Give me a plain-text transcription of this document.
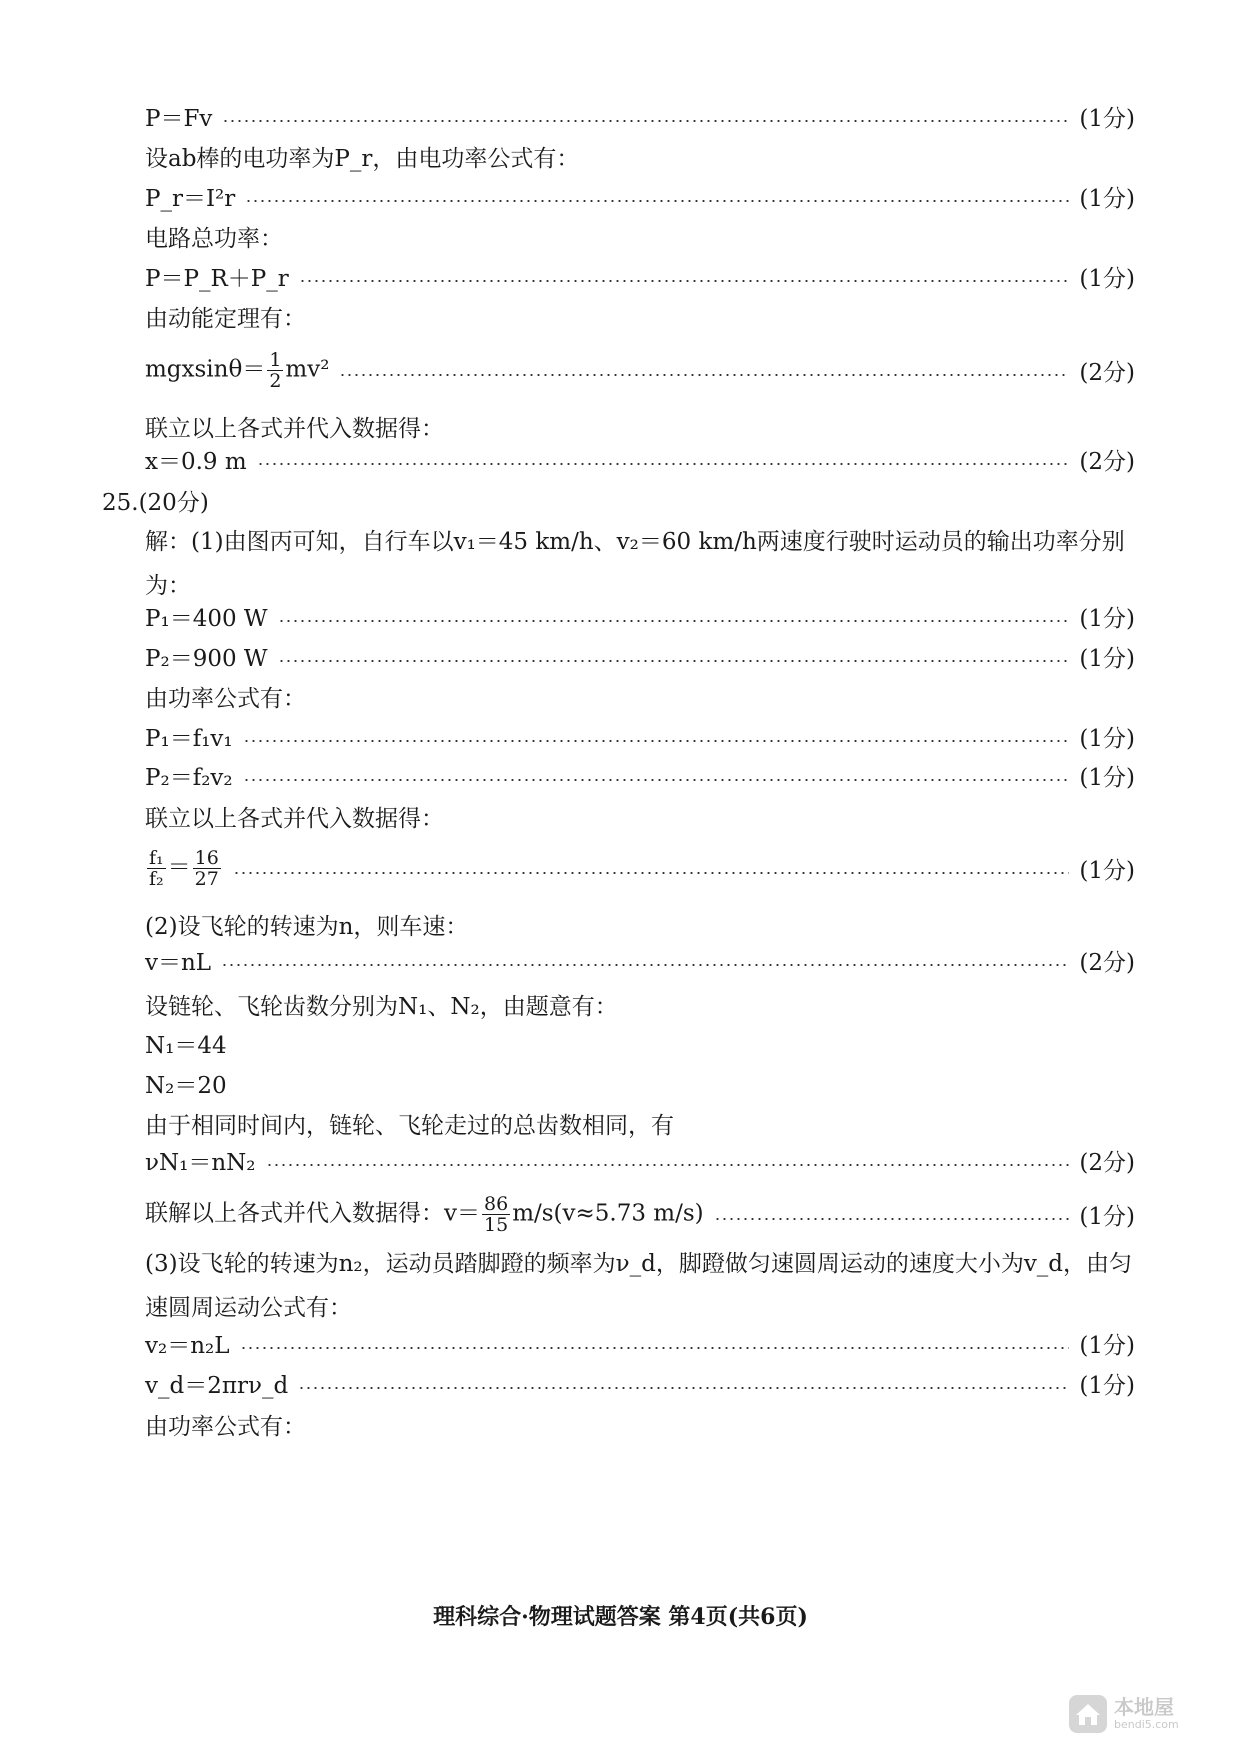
P＝Fv	(1分)
设ab棒的电功率为P_r，由电功率公式有：
P_r＝I²r	(1分)
电路总功率：
P＝P_R＋P_r	(1分)
由动能定理有：
$mgxsin\theta= \frac{1}{2} mv^2$	(2分)
联立以上各式并代入数据得：
x＝0.9 m	(2分)
25.(20分)
解：(1)由图丙可知，自行车以v₁＝45 km/h、v₂＝60 km/h两速度行驶时运动员的输出功率分别为：
P₁＝400 W	(1分)
P₂＝900 W	(1分)
由功率公式有：
P₁＝f₁v₁	(1分)
P₂＝f₂v₂	(1分)
联立以上各式并代入数据得：
$\frac{\text{f₁}}{\text{f₂}} = \frac{16}{27}$	(1分)
(2)设飞轮的转速为n，则车速：
v＝nL	(2分)
设链轮、飞轮齿数分别为N₁、N₂，由题意有：
N₁＝44
N₂＝20
由于相同时间内，链轮、飞轮走过的总齿数相同，有
νN₁＝nN₂	(2分)
联解以上各式并代入数据得：$v= \frac{86}{15} m/s(v\approx 5.73$ m/s)	(1分)
(3)设飞轮的转速为n₂，运动员踏脚蹬的频率为ν_d，脚蹬做匀速圆周运动的速度大小为v_d，由匀速圆周运动公式有：
v₂＝n₂L	(1分)
v_d＝2πrν_d	(1分)
由功率公式有：
理科综合·物理试题答案 第4页(共6页)
本地屋
bendi5.com
